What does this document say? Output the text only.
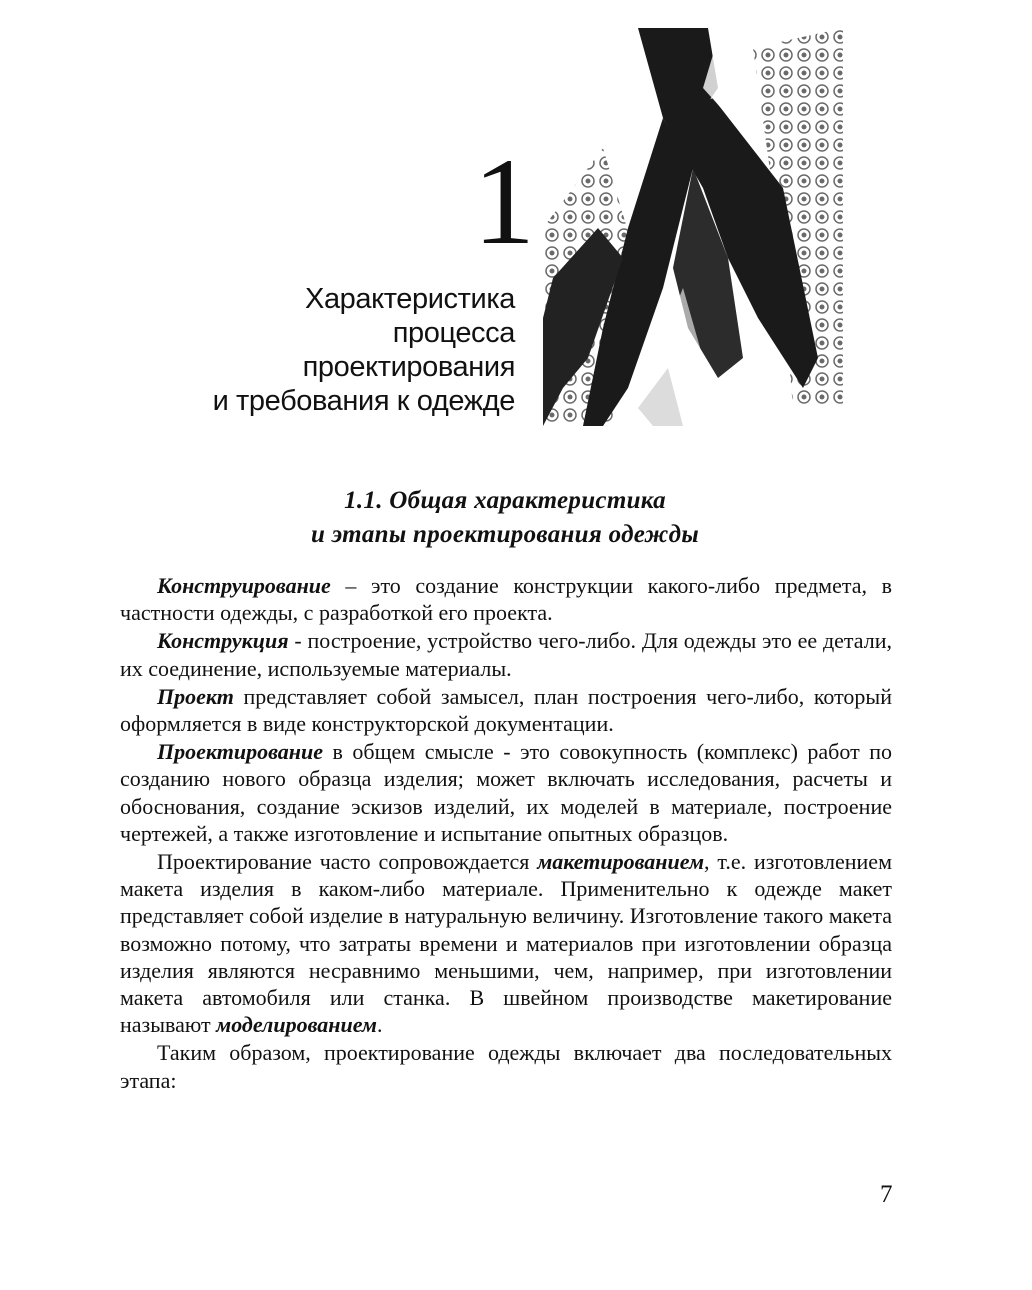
1
Характеристика
процесса
проектирования
и требования к одежде
1.1. Общая характеристика
и этапы проектирования одежды

Конструирование – это создание конструкции какого-либо предмета, в частности одежды, с разработкой его проекта.

Конструкция - построение, устройство чего-либо. Для одежды это ее детали, их соединение, используемые материалы.

Проект представляет собой замысел, план построения чего-либо, который оформляется в виде конструкторской документации.

Проектирование в общем смысле - это совокупность (комплекс) работ по созданию нового образца изделия; может включать исследования, расчеты и обоснования, создание эскизов изделий, их моделей в материале, построение чертежей, а также изготовление и испытание опытных образцов.

Проектирование часто сопровождается макетированием, т.е. изготовлением макета изделия в каком-либо материале. Применительно к одежде макет представляет собой изделие в натуральную величину. Изготовление такого макета возможно потому, что затраты времени и материалов при изготовлении образца изделия являются несравнимо меньшими, чем, например, при изготовлении макета автомобиля или станка. В швейном производстве макетирование называют моделированием.

Таким образом, проектирование одежды включает два последовательных этапа:

7
